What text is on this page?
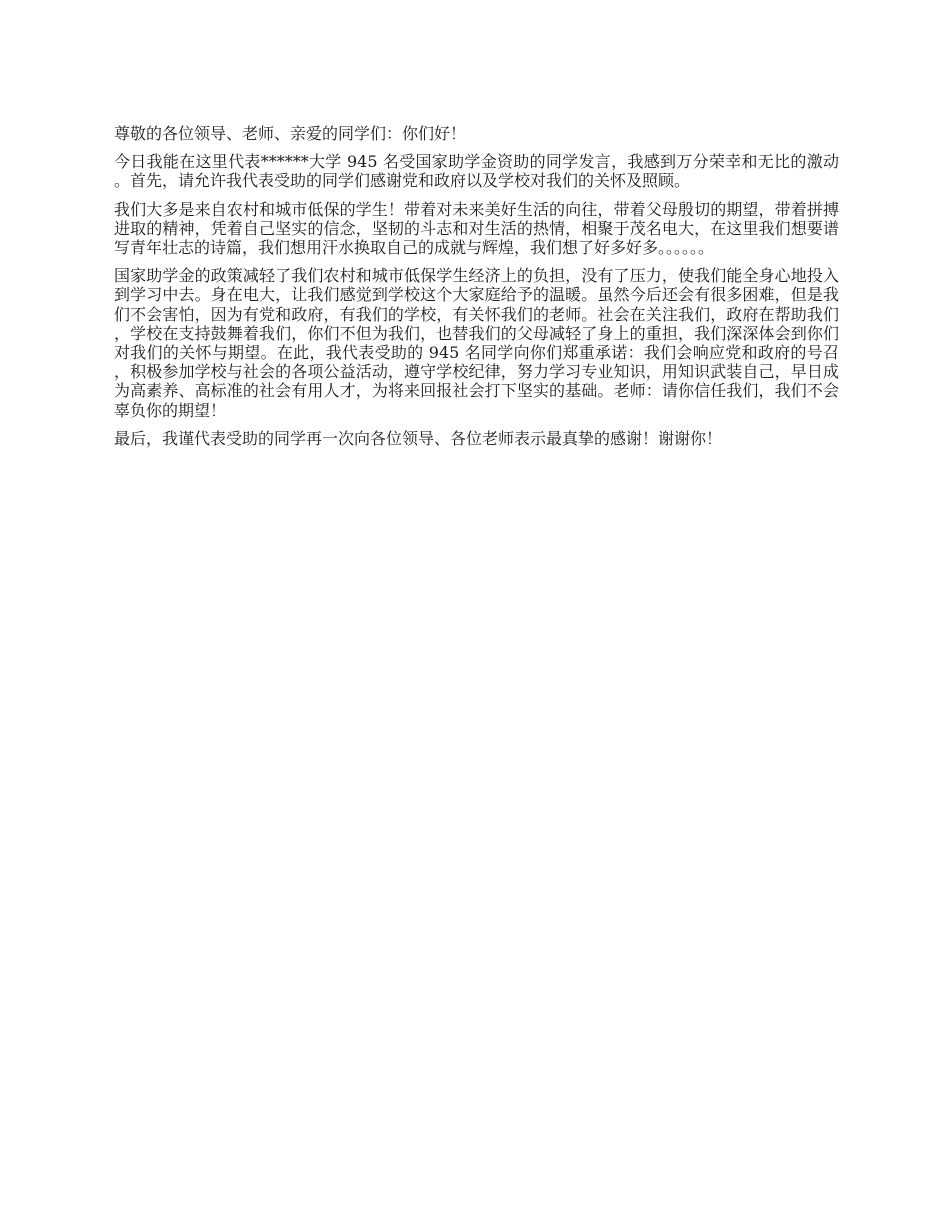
尊敬的各位领导、老师、亲爱的同学们：你们好！

今日我能在这里代表******大学 945 名受国家助学金资助的同学发言，我感到万分荣幸和无比的激动。首先，请允许我代表受助的同学们感谢党和政府以及学校对我们的关怀及照顾。

我们大多是来自农村和城市低保的学生！带着对未来美好生活的向往，带着父母殷切的期望，带着拼搏进取的精神，凭着自己坚实的信念，坚韧的斗志和对生活的热情，相聚于茂名电大，在这里我们想要谱写青年壮志的诗篇，我们想用汗水换取自己的成就与辉煌，我们想了好多好多。。。。。。

国家助学金的政策减轻了我们农村和城市低保学生经济上的负担，没有了压力，使我们能全身心地投入到学习中去。身在电大，让我们感觉到学校这个大家庭给予的温暖。虽然今后还会有很多困难，但是我们不会害怕，因为有党和政府，有我们的学校，有关怀我们的老师。社会在关注我们，政府在帮助我们，学校在支持鼓舞着我们，你们不但为我们，也替我们的父母减轻了身上的重担，我们深深体会到你们对我们的关怀与期望。在此，我代表受助的 945 名同学向你们郑重承诺：我们会响应党和政府的号召，积极参加学校与社会的各项公益活动，遵守学校纪律，努力学习专业知识，用知识武装自己，早日成为高素养、高标准的社会有用人才，为将来回报社会打下坚实的基础。老师：请你信任我们，我们不会辜负你的期望！

最后，我谨代表受助的同学再一次向各位领导、各位老师表示最真挚的感谢！谢谢你！
